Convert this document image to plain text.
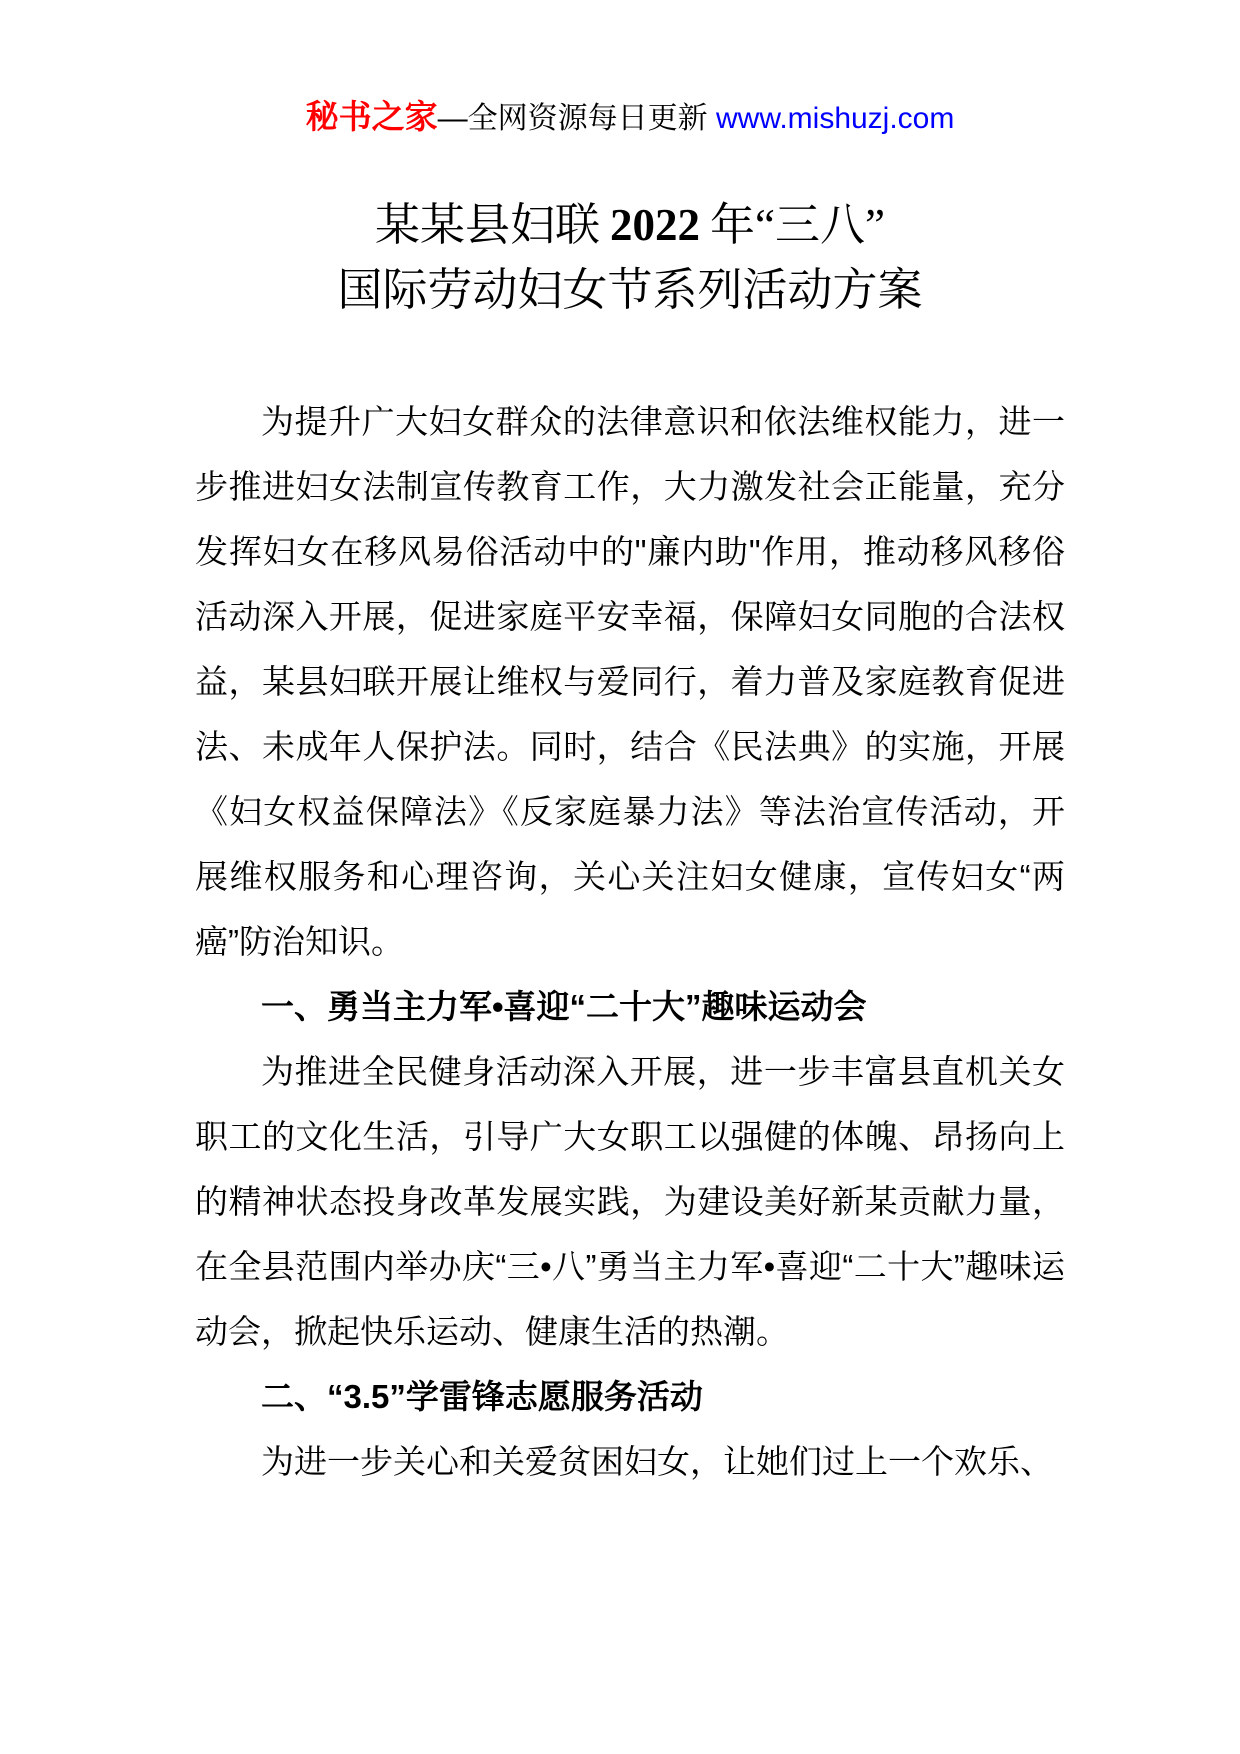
秘书之家—全网资源每日更新 www.mishuzj.com
某某县妇联 2022 年“三八”
国际劳动妇女节系列活动方案

为提升广大妇女群众的法律意识和依法维权能力，进一步推进妇女法制宣传教育工作，大力激发社会正能量，充分发挥妇女在移风易俗活动中的"廉内助"作用，推动移风移俗活动深入开展，促进家庭平安幸福，保障妇女同胞的合法权益，某县妇联开展让维权与爱同行，着力普及家庭教育促进法、未成年人保护法。同时，结合《民法典》的实施，开展《妇女权益保障法》《反家庭暴力法》等法治宣传活动，开展维权服务和心理咨询，关心关注妇女健康，宣传妇女“两癌”防治知识。

一、勇当主力军•喜迎“二十大”趣味运动会

为推进全民健身活动深入开展，进一步丰富县直机关女职工的文化生活，引导广大女职工以强健的体魄、昂扬向上的精神状态投身改革发展实践，为建设美好新某贡献力量，在全县范围内举办庆“三•八”勇当主力军•喜迎“二十大”趣味运动会，掀起快乐运动、健康生活的热潮。

二、“3.5”学雷锋志愿服务活动

为进一步关心和关爱贫困妇女，让她们过上一个欢乐、
